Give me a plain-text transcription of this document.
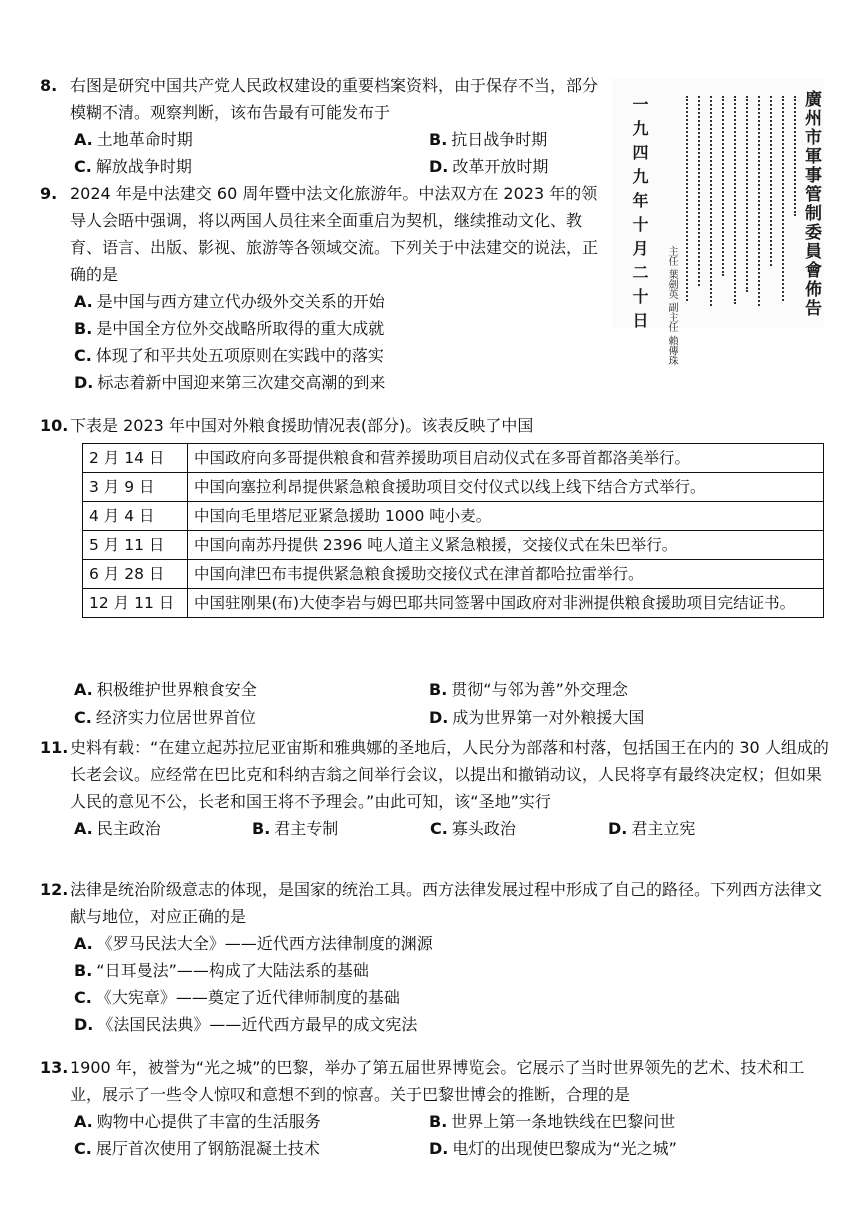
8. 右图是研究中国共产党人民政权建设的重要档案资料，由于保存不当，部分模糊不清。观察判断，该布告最有可能发布于
A. 土地革命时期	B. 抗日战争时期
C. 解放战争时期	D. 改革开放时期	廣州市軍事管制委員會佈告
主任 葉劍英 副主任 賴傳珠
一九四九年十月二十日
9. 2024 年是中法建交 60 周年暨中法文化旅游年。中法双方在 2023 年的领导人会晤中强调，将以两国人员往来全面重启为契机，继续推动文化、教育、语言、出版、影视、旅游等各领域交流。下列关于中法建交的说法，正确的是
A. 是中国与西方建立代办级外交关系的开始
B. 是中国全方位外交战略所取得的重大成就
C. 体现了和平共处五项原则在实践中的落实
D. 标志着新中国迎来第三次建交高潮的到来
10. 下表是 2023 年中国对外粮食援助情况表(部分)。该表反映了中国
2 月 14 日	中国政府向多哥提供粮食和营养援助项目启动仪式在多哥首都洛美举行。
3 月 9 日	中国向塞拉利昂提供紧急粮食援助项目交付仪式以线上线下结合方式举行。
4 月 4 日	中国向毛里塔尼亚紧急援助 1000 吨小麦。
5 月 11 日	中国向南苏丹提供 2396 吨人道主义紧急粮援，交接仪式在朱巴举行。
6 月 28 日	中国向津巴布韦提供紧急粮食援助交接仪式在津首都哈拉雷举行。
12 月 11 日	中国驻刚果(布)大使李岩与姆巴耶共同签署中国政府对非洲提供粮食援助项目完结证书。
A. 积极维护世界粮食安全	B. 贯彻“与邻为善”外交理念
C. 经济实力位居世界首位	D. 成为世界第一对外粮援大国
11. 史料有载：“在建立起苏拉尼亚宙斯和雅典娜的圣地后，人民分为部落和村落，包括国王在内的 30 人组成的长老会议。应经常在巴比克和科纳吉翁之间举行会议，以提出和撤销动议，人民将享有最终决定权；但如果人民的意见不公，长老和国王将不予理会。”由此可知，该“圣地”实行
A. 民主政治	B. 君主专制	C. 寡头政治	D. 君主立宪
12. 法律是统治阶级意志的体现，是国家的统治工具。西方法律发展过程中形成了自己的路径。下列西方法律文献与地位，对应正确的是
A. 《罗马民法大全》——近代西方法律制度的渊源
B. “日耳曼法”——构成了大陆法系的基础
C. 《大宪章》——奠定了近代律师制度的基础
D. 《法国民法典》——近代西方最早的成文宪法
13. 1900 年，被誉为“光之城”的巴黎，举办了第五届世界博览会。它展示了当时世界领先的艺术、技术和工业，展示了一些令人惊叹和意想不到的惊喜。关于巴黎世博会的推断，合理的是
A. 购物中心提供了丰富的生活服务	B. 世界上第一条地铁线在巴黎问世
C. 展厅首次使用了钢筋混凝土技术	D. 电灯的出现使巴黎成为“光之城”
